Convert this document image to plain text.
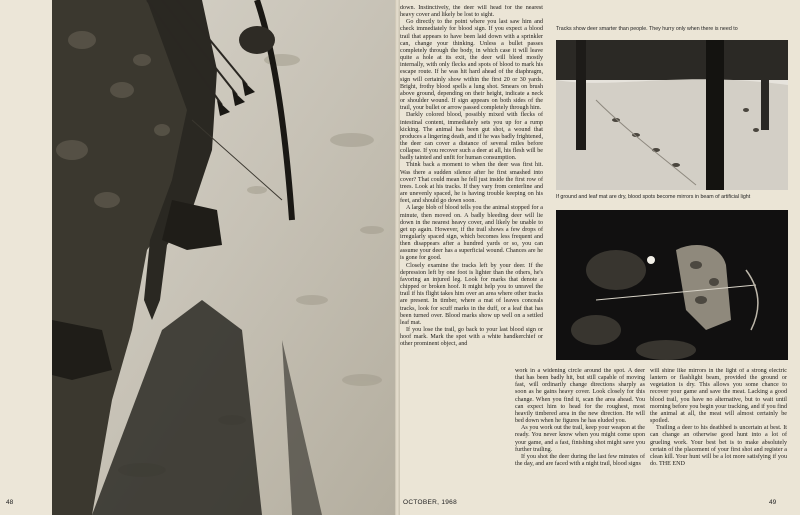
down. Instinctively, the deer will head for the nearest heavy cover and likely be lost to sight.

Go directly to the point where you last saw him and check immediately for blood sign. If you expect a blood trail that appears to have been laid down with a sprinkler can, change your thinking. Unless a bullet passes completely through the body, in which case it will leave quite a hole at its exit, the deer will bleed mostly internally, with only flecks and spots of blood to mark his escape route. If he was hit hard ahead of the diaphragm, sign will certainly show within the first 20 or 30 yards. Bright, frothy blood spells a lung shot. Smears on brush above ground, depending on their height, indicate a neck or shoulder wound. If sign appears on both sides of the trail, your bullet or arrow passed completely through him.

Darkly colored blood, possibly mixed with flecks of intestinal content, immediately sets you up for a rump kicking. The animal has been gut shot, a wound that produces a lingering death, and if he was badly frightened, the deer can cover a distance of several miles before collapse. If you recover such a deer at all, his flesh will be badly tainted and unfit for human consumption.

Think back a moment to when the deer was first hit. Was there a sudden silence after he first smashed into cover? That could mean he fell just inside the first row of trees. Look at his tracks. If they vary from centerline and are unevenly spaced, he is having trouble keeping on his feet, and should go down soon.

A large blob of blood tells you the animal stopped for a minute, then moved on. A badly bleeding deer will lie down in the nearest heavy cover, and likely be unable to get up again. However, if the trail shows a few drops of irregularly spaced sign, which becomes less frequent and then disappears after a hundred yards or so, you can assume your deer has a superficial wound. Chances are he is gone for good.

Closely examine the tracks left by your deer. If the depression left by one foot is lighter than the others, he's favoring an injured leg. Look for marks that denote a chipped or broken hoof. It might help you to unravel the trail if his flight takes him over an area where other tracks are present. In timber, where a mat of leaves conceals tracks, look for scuff marks in the duff, or a leaf that has been turned over. Blood marks show up well on a settled leaf mat.

If you lose the trail, go back to your last blood sign or hoof mark. Mark the spot with a white handkerchief or other prominent object, and

Tracks show deer smarter than people. They hurry only when there is need to
If ground and leaf mat are dry, blood spots become mirrors in beam of artificial light

work in a widening circle around the spot. A deer that has been badly hit, but still capable of moving fast, will ordinarily change directions sharply as soon as he gains heavy cover. Look closely for this change. When you find it, scan the area ahead. You can expect him to head for the roughest, most heavily timbered area in the new direction. He will bed down when he figures he has eluded you.

As you work out the trail, keep your weapon at the ready. You never know when you might come upon your game, and a fast, finishing shot might save you further trailing.

If you shot the deer during the last few minutes of the day, and are faced with a night trail, blood signs

will shine like mirrors in the light of a strong electric lantern or flashlight beam, provided the ground or vegetation is dry. This allows you some chance to recover your game and save the meat. Lacking a good blood trail, you have no alternative, but to wait until morning before you begin your tracking, and if you find the animal at all, the meat will almost certainly be spoiled.

Trailing a deer to his deathbed is uncertain at best. It can change an otherwise good hunt into a lot of grueling work. Your best bet is to make absolutely certain of the placement of your first shot and register a clean kill. Your hunt will be a lot more satisfying if you do. THE END

48	OCTOBER, 1968	49
